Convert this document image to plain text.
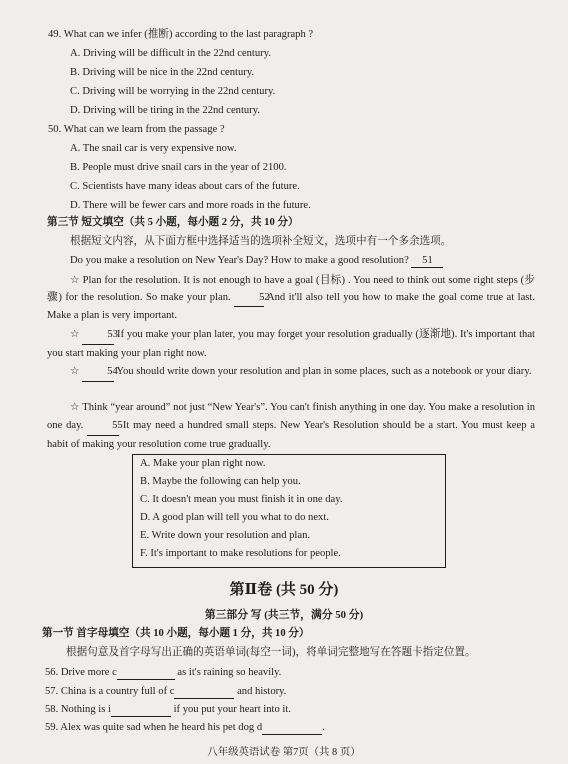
49. What can we infer (推断) according to the last paragraph ?
A. Driving will be difficult in the 22nd century.
B. Driving will be nice in the 22nd century.
C. Driving will be worrying in the 22nd century.
D. Driving will be tiring in the 22nd century.
50. What can we learn from the passage ?
A. The snail car is very expensive now.
B. People must drive snail cars in the year of 2100.
C. Scientists have many ideas about cars of the future.
D. There will be fewer cars and more roads in the future.
第三节 短文填空（共 5 小题，每小题 2 分，共 10 分）
根据短文内容，从下面方框中选择适当的选项补全短文，选项中有一个多余选项。
Do you make a resolution on New Year's Day? How to make a good resolution? 51
☆ Plan for the resolution. It is not enough to have a goal (目标) . You need to think out some right steps (步骤) for the resolution. So make your plan.	52 And it'll also tell you how to make the goal come true at last. Make a plan is very important.
☆	53 If you make your plan later, you may forget your resolution gradually (逐渐地). It's important that you start making your plan right now.
☆	54 You should write down your resolution and plan in some places, such as a notebook or your diary.
☆ Think “year around” not just “New Year's”. You can't finish anything in one day. You make a resolution in one day.	55 It may need a hundred small steps. New Year's Resolution should be a start. You must keep a habit of making your resolution come true gradually.
A. Make your plan right now.
B. Maybe the following can help you.
C. It doesn't mean you must finish it in one day.
D. A good plan will tell you what to do next.
E. Write down your resolution and plan.
F. It's important to make resolutions for people.
第Ⅱ卷 (共 50 分)
第三部分 写 (共三节，满分 50 分)
第一节 首字母填空（共 10 小题，每小题 1 分，共 10 分）
根据句意及首字母写出正确的英语单词(每空一词)，将单词完整地写在答题卡指定位置。
56. Drive more c	as it's raining so heavily.
57. China is a country full of c	and history.
58. Nothing is i	if you put your heart into it.
59. Alex was quite sad when he heard his pet dog d	.
八年级英语试卷 第7页（共 8 页）
